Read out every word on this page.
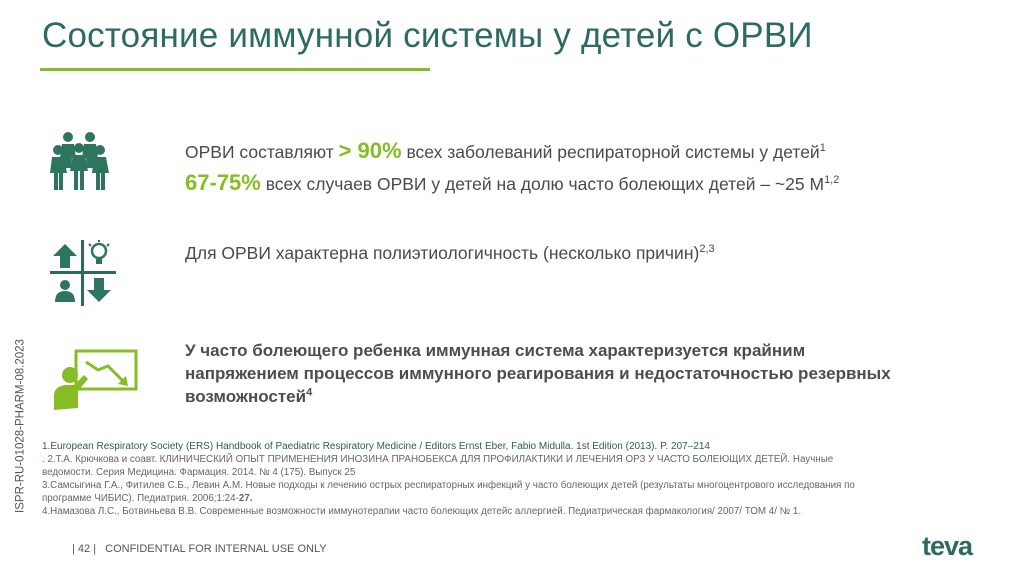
Состояние иммунной системы у детей с ОРВИ
ISPR-RU-01028-PHARM-08.2023
ОРВИ составляют > 90% всех заболеваний респираторной системы у детей$^1$
67-75% всех случаев ОРВИ у детей на долю часто болеющих детей – ~25 М$^{1,2}$
Для ОРВИ характерна полиэтиологичность (несколько причин)$^{2,3}$
У часто болеющего ребенка иммунная система характеризуется крайним
напряжением процессов иммунного реагирования и недостаточностью резервных
возможностей$^4$
1.European Respiratory Society (ERS) Handbook of Paediatric Respiratory Medicine / Editors Ernst Eber, Fabio Midulla. 1st Edition (2013). P. 207–214
. 2.Т.А. Крючкова и соавт. КЛИНИЧЕСКИЙ ОПЫТ ПРИМЕНЕНИЯ ИНОЗИНА ПРАНОБЕКСА ДЛЯ ПРОФИЛАКТИКИ И ЛЕЧЕНИЯ ОРЗ У ЧАСТО БОЛЕЮЩИХ ДЕТЕЙ. Научные
ведомости. Серия Медицина. Фармация. 2014. № 4 (175). Выпуск 25
3.Самсыгина Г.А., Фитилев С.Б., Левин А.М. Новые подходы к лечению острых респираторных инфекций у часто болеющих детей (результаты многоцентрового исследования по
программе ЧИБИС). Педиатрия. 2006;1:24-27.
4.Намазова Л.С., Ботвиньева В.В. Современные возможности иммунотерапии часто болеющих детейс аллергией. Педиатрическая фармакология/ 2007/ ТОМ 4/ № 1.
| 42 | CONFIDENTIAL FOR INTERNAL USE ONLY	teva
